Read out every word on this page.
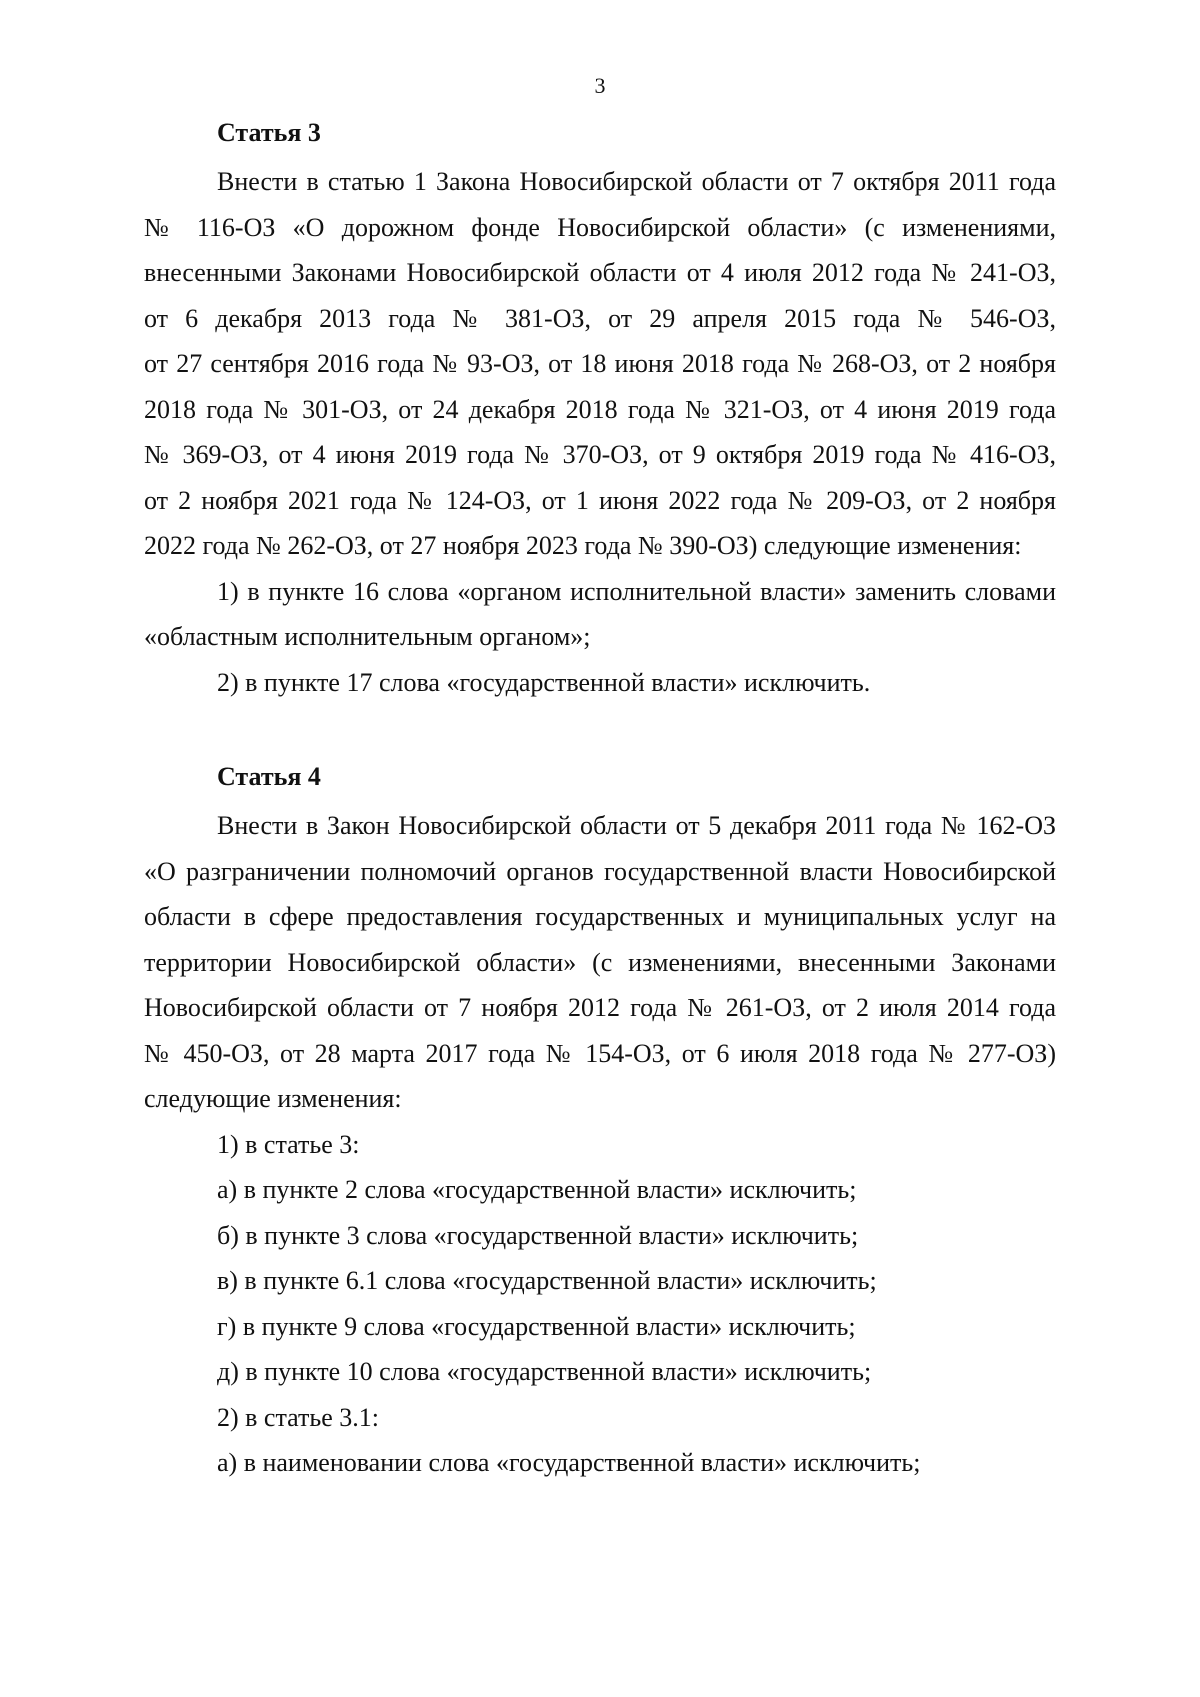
3
Статья 3

Внести в статью 1 Закона Новосибирской области от 7 октября 2011 года

№ 116-ОЗ «О дорожном фонде Новосибирской области» (с изменениями,

внесенными Законами Новосибирской области от 4 июля 2012 года № 241-ОЗ,

от 6 декабря 2013 года № 381-ОЗ, от 29 апреля 2015 года № 546-ОЗ,

от 27 сентября 2016 года № 93-ОЗ, от 18 июня 2018 года № 268-ОЗ, от 2 ноября

2018 года № 301-ОЗ, от 24 декабря 2018 года № 321-ОЗ, от 4 июня 2019 года

№ 369-ОЗ, от 4 июня 2019 года № 370-ОЗ, от 9 октября 2019 года № 416-ОЗ,

от 2 ноября 2021 года № 124-ОЗ, от 1 июня 2022 года № 209-ОЗ, от 2 ноября

2022 года № 262-ОЗ, от 27 ноября 2023 года № 390-ОЗ) следующие изменения:

1) в пункте 16 слова «органом исполнительной власти» заменить словами

«областным исполнительным органом»;

2) в пункте 17 слова «государственной власти» исключить.

Статья 4

Внести в Закон Новосибирской области от 5 декабря 2011 года № 162-ОЗ

«О разграничении полномочий органов государственной власти Новосибирской

области в сфере предоставления государственных и муниципальных услуг на

территории Новосибирской области» (с изменениями, внесенными Законами

Новосибирской области от 7 ноября 2012 года № 261-ОЗ, от 2 июля 2014 года

№ 450-ОЗ, от 28 марта 2017 года № 154-ОЗ, от 6 июля 2018 года № 277-ОЗ)

следующие изменения:

1) в статье 3:

а) в пункте 2 слова «государственной власти» исключить;

б) в пункте 3 слова «государственной власти» исключить;

в) в пункте 6.1 слова «государственной власти» исключить;

г) в пункте 9 слова «государственной власти» исключить;

д) в пункте 10 слова «государственной власти» исключить;

2) в статье 3.1:

а) в наименовании слова «государственной власти» исключить;
